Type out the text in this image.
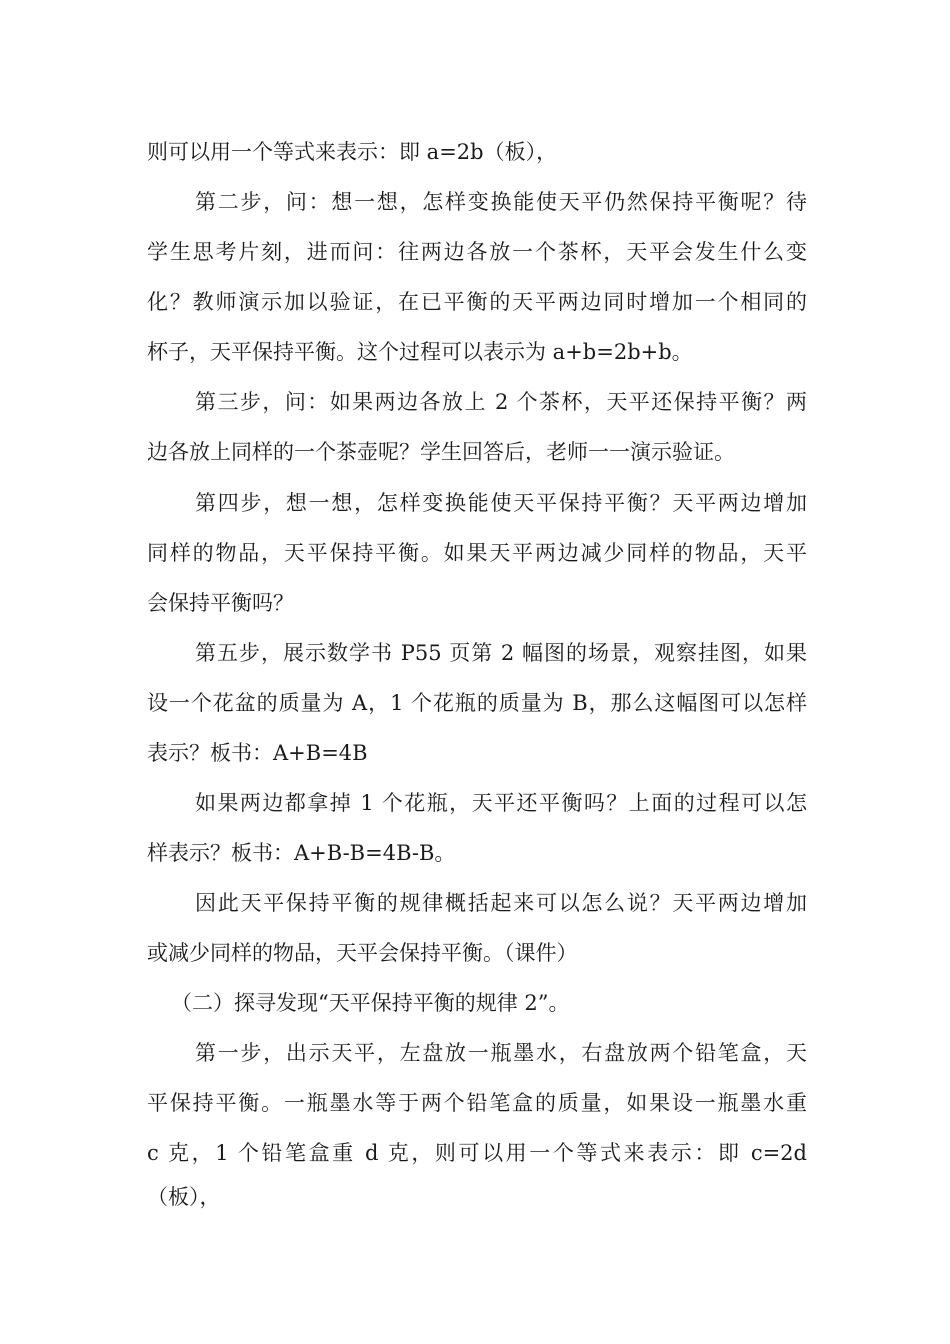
则可以用一个等式来表示：即 a=2b（板），
第二步，问：想一想，怎样变换能使天平仍然保持平衡呢？待
学生思考片刻，进而问：往两边各放一个茶杯，天平会发生什么变
化？教师演示加以验证，在已平衡的天平两边同时增加一个相同的
杯子，天平保持平衡。这个过程可以表示为 a+b=2b+b。
第三步，问：如果两边各放上 2 个茶杯，天平还保持平衡？两
边各放上同样的一个茶壶呢？学生回答后，老师一一演示验证。
第四步，想一想，怎样变换能使天平保持平衡？天平两边增加
同样的物品，天平保持平衡。如果天平两边减少同样的物品，天平
会保持平衡吗？
第五步，展示数学书 P55 页第 2 幅图的场景，观察挂图，如果
设一个花盆的质量为 A，1 个花瓶的质量为 B，那么这幅图可以怎样
表示？板书：A+B=4B
如果两边都拿掉 1 个花瓶，天平还平衡吗？上面的过程可以怎
样表示？板书：A+B-B=4B-B。
因此天平保持平衡的规律概括起来可以怎么说？天平两边增加
或减少同样的物品，天平会保持平衡。（课件）
（二）探寻发现“天平保持平衡的规律 2”。
第一步，出示天平，左盘放一瓶墨水，右盘放两个铅笔盒，天
平保持平衡。一瓶墨水等于两个铅笔盒的质量，如果设一瓶墨水重
c 克，1 个铅笔盒重 d 克，则可以用一个等式来表示：即 c=2d
（板），
